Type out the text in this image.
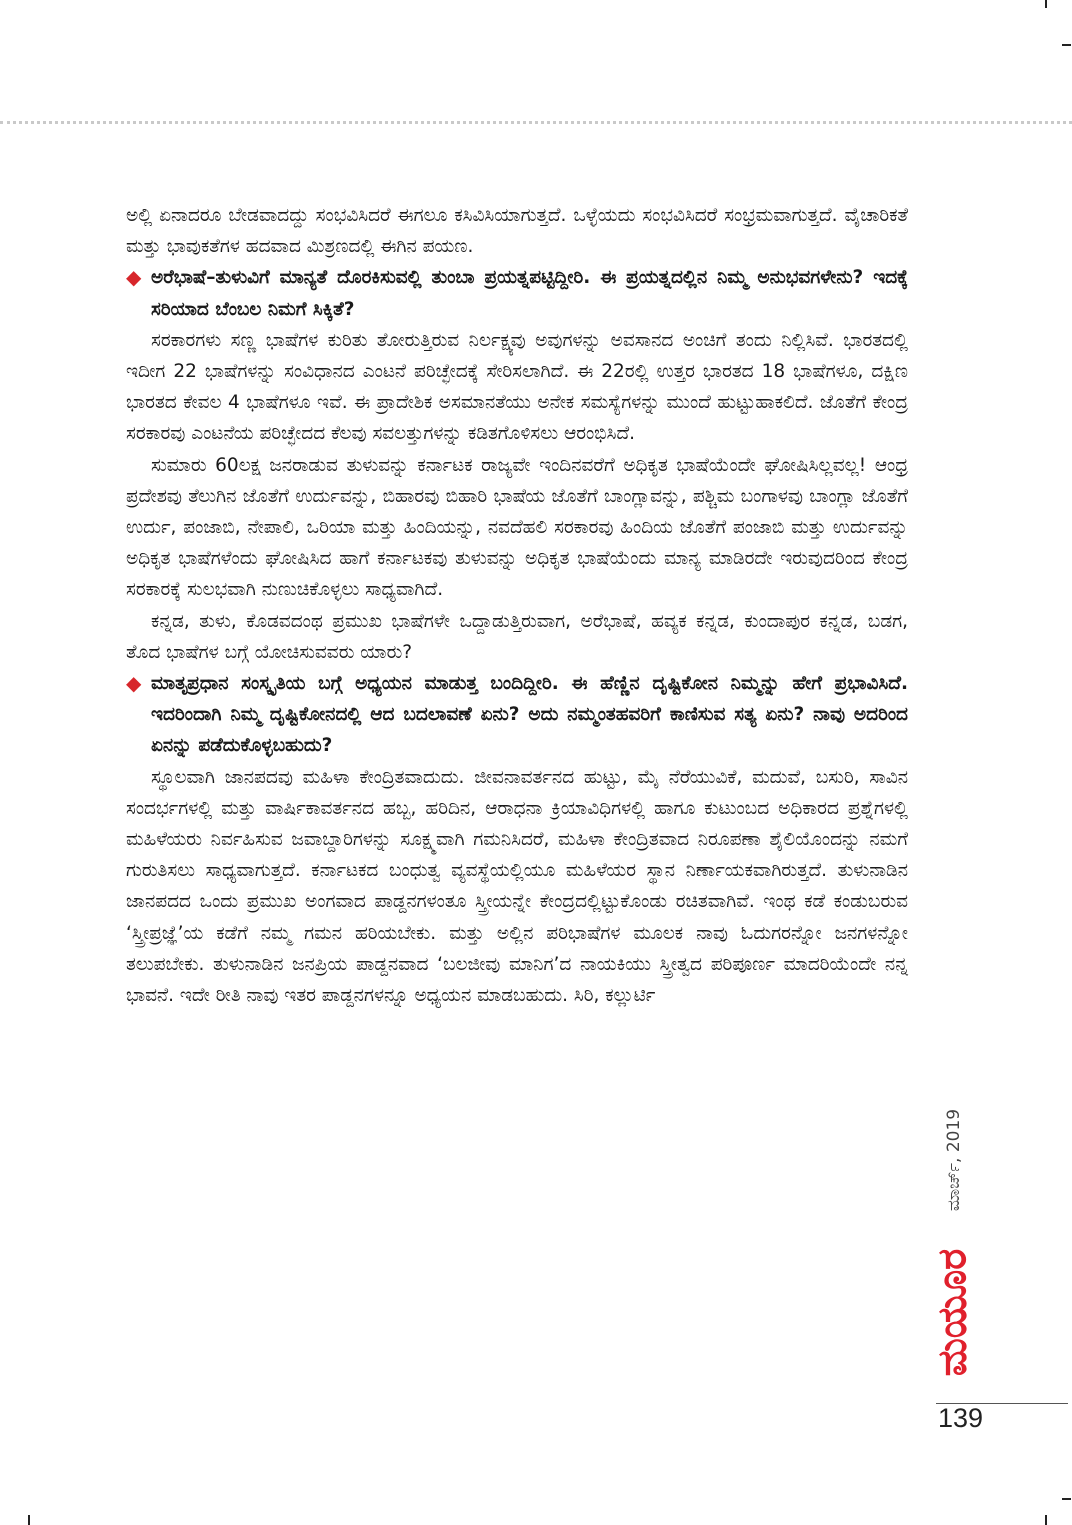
ಅಲ್ಲಿ ಏನಾದರೂ ಬೇಡವಾದದ್ದು ಸಂಭವಿಸಿದರೆ ಈಗಲೂ ಕಸಿವಿಸಿಯಾಗುತ್ತದೆ. ಒಳ್ಳೆಯದು ಸಂಭವಿಸಿದರೆ ಸಂಭ್ರಮವಾಗುತ್ತದೆ. ವೈಚಾರಿಕತೆ ಮತ್ತು ಭಾವುಕತೆಗಳ ಹದವಾದ ಮಿಶ್ರಣದಲ್ಲಿ ಈಗಿನ ಪಯಣ.

◆ ಅರೆಭಾಷೆ–ತುಳುವಿಗೆ ಮಾನ್ಯತೆ ದೊರಕಿಸುವಲ್ಲಿ ತುಂಬಾ ಪ್ರಯತ್ನಪಟ್ಟಿದ್ದೀರಿ. ಈ ಪ್ರಯತ್ನದಲ್ಲಿನ ನಿಮ್ಮ ಅನುಭವಗಳೇನು? ಇದಕ್ಕೆ ಸರಿಯಾದ ಬೆಂಬಲ ನಿಮಗೆ ಸಿಕ್ಕಿತೆ?

ಸರಕಾರಗಳು ಸಣ್ಣ ಭಾಷೆಗಳ ಕುರಿತು ತೋರುತ್ತಿರುವ ನಿರ್ಲಕ್ಷ್ಯವು ಅವುಗಳನ್ನು ಅವಸಾನದ ಅಂಚಿಗೆ ತಂದು ನಿಲ್ಲಿಸಿವೆ. ಭಾರತದಲ್ಲಿ ಇದೀಗ 22 ಭಾಷೆಗಳನ್ನು ಸಂವಿಧಾನದ ಎಂಟನೆ ಪರಿಚ್ಛೇದಕ್ಕೆ ಸೇರಿಸಲಾಗಿದೆ. ಈ 22ರಲ್ಲಿ ಉತ್ತರ ಭಾರತದ 18 ಭಾಷೆಗಳೂ, ದಕ್ಷಿಣ ಭಾರತದ ಕೇವಲ 4 ಭಾಷೆಗಳೂ ಇವೆ. ಈ ಪ್ರಾದೇಶಿಕ ಅಸಮಾನತೆಯು ಅನೇಕ ಸಮಸ್ಯೆಗಳನ್ನು ಮುಂದೆ ಹುಟ್ಟುಹಾಕಲಿದೆ. ಜೊತೆಗೆ ಕೇಂದ್ರ ಸರಕಾರವು ಎಂಟನೆಯ ಪರಿಚ್ಛೇದದ ಕೆಲವು ಸವಲತ್ತುಗಳನ್ನು ಕಡಿತಗೊಳಿಸಲು ಆರಂಭಿಸಿದೆ.

ಸುಮಾರು 60ಲಕ್ಷ ಜನರಾಡುವ ತುಳುವನ್ನು ಕರ್ನಾಟಕ ರಾಜ್ಯವೇ ಇಂದಿನವರೆಗೆ ಅಧಿಕೃತ ಭಾಷೆಯೆಂದೇ ಘೋಷಿಸಿಲ್ಲವಲ್ಲ! ಆಂಧ್ರ ಪ್ರದೇಶವು ತೆಲುಗಿನ ಜೊತೆಗೆ ಉರ್ದುವನ್ನು, ಬಿಹಾರವು ಬಿಹಾರಿ ಭಾಷೆಯ ಜೊತೆಗೆ ಬಾಂಗ್ಲಾವನ್ನು, ಪಶ್ಚಿಮ ಬಂಗಾಳವು ಬಾಂಗ್ಲಾ ಜೊತೆಗೆ ಉರ್ದು, ಪಂಜಾಬಿ, ನೇಪಾಲಿ, ಒರಿಯಾ ಮತ್ತು ಹಿಂದಿಯನ್ನು, ನವದೆಹಲಿ ಸರಕಾರವು ಹಿಂದಿಯ ಜೊತೆಗೆ ಪಂಜಾಬಿ ಮತ್ತು ಉರ್ದುವನ್ನು ಅಧಿಕೃತ ಭಾಷೆಗಳೆಂದು ಘೋಷಿಸಿದ ಹಾಗೆ ಕರ್ನಾಟಕವು ತುಳುವನ್ನು ಅಧಿಕೃತ ಭಾಷೆಯೆಂದು ಮಾನ್ಯ ಮಾಡಿರದೇ ಇರುವುದರಿಂದ ಕೇಂದ್ರ ಸರಕಾರಕ್ಕೆ ಸುಲಭವಾಗಿ ನುಣುಚಿಕೊಳ್ಳಲು ಸಾಧ್ಯವಾಗಿದೆ.

ಕನ್ನಡ, ತುಳು, ಕೊಡವದಂಥ ಪ್ರಮುಖ ಭಾಷೆಗಳೇ ಒದ್ದಾಡುತ್ತಿರುವಾಗ, ಅರೆಭಾಷೆ, ಹವ್ಯಕ ಕನ್ನಡ, ಕುಂದಾಪುರ ಕನ್ನಡ, ಬಡಗ, ತೊದ ಭಾಷೆಗಳ ಬಗ್ಗೆ ಯೋಚಿಸುವವರು ಯಾರು?

◆ ಮಾತೃಪ್ರಧಾನ ಸಂಸ್ಕೃತಿಯ ಬಗ್ಗೆ ಅಧ್ಯಯನ ಮಾಡುತ್ತ ಬಂದಿದ್ದೀರಿ. ಈ ಹೆಣ್ಣಿನ ದೃಷ್ಟಿಕೋನ ನಿಮ್ಮನ್ನು ಹೇಗೆ ಪ್ರಭಾವಿಸಿದೆ. ಇದರಿಂದಾಗಿ ನಿಮ್ಮ ದೃಷ್ಟಿಕೋನದಲ್ಲಿ ಆದ ಬದಲಾವಣೆ ಏನು? ಅದು ನಮ್ಮಂತಹವರಿಗೆ ಕಾಣಿಸುವ ಸತ್ಯ ಏನು? ನಾವು ಅದರಿಂದ ಏನನ್ನು ಪಡೆದುಕೊಳ್ಳಬಹುದು?

ಸ್ಥೂಲವಾಗಿ ಜಾನಪದವು ಮಹಿಳಾ ಕೇಂದ್ರಿತವಾದುದು. ಜೀವನಾವರ್ತನದ ಹುಟ್ಟು, ಮೈ ನೆರೆಯುವಿಕೆ, ಮದುವೆ, ಬಸುರಿ, ಸಾವಿನ ಸಂದರ್ಭಗಳಲ್ಲಿ ಮತ್ತು ವಾರ್ಷಿಕಾವರ್ತನದ ಹಬ್ಬ, ಹರಿದಿನ, ಆರಾಧನಾ ಕ್ರಿಯಾವಿಧಿಗಳಲ್ಲಿ ಹಾಗೂ ಕುಟುಂಬದ ಅಧಿಕಾರದ ಪ್ರಶ್ನೆಗಳಲ್ಲಿ ಮಹಿಳೆಯರು ನಿರ್ವಹಿಸುವ ಜವಾಬ್ದಾರಿಗಳನ್ನು ಸೂಕ್ಷ್ಮವಾಗಿ ಗಮನಿಸಿದರೆ, ಮಹಿಳಾ ಕೇಂದ್ರಿತವಾದ ನಿರೂಪಣಾ ಶೈಲಿಯೊಂದನ್ನು ನಮಗೆ ಗುರುತಿಸಲು ಸಾಧ್ಯವಾಗುತ್ತದೆ. ಕರ್ನಾಟಕದ ಬಂಧುತ್ವ ವ್ಯವಸ್ಥೆಯಲ್ಲಿಯೂ ಮಹಿಳೆಯರ ಸ್ಥಾನ ನಿರ್ಣಾಯಕವಾಗಿರುತ್ತದೆ. ತುಳುನಾಡಿನ ಜಾನಪದದ ಒಂದು ಪ್ರಮುಖ ಅಂಗವಾದ ಪಾಡ್ದನಗಳಂತೂ ಸ್ತ್ರೀಯನ್ನೇ ಕೇಂದ್ರದಲ್ಲಿಟ್ಟುಕೊಂಡು ರಚಿತವಾಗಿವೆ. ಇಂಥ ಕಡೆ ಕಂಡುಬರುವ ‘ಸ್ತ್ರೀಪ್ರಜ್ಞೆ’ಯ ಕಡೆಗೆ ನಮ್ಮ ಗಮನ ಹರಿಯಬೇಕು. ಮತ್ತು ಅಲ್ಲಿನ ಪರಿಭಾಷೆಗಳ ಮೂಲಕ ನಾವು ಓದುಗರನ್ನೋ ಜನಗಳನ್ನೋ ತಲುಪಬೇಕು. ತುಳುನಾಡಿನ ಜನಪ್ರಿಯ ಪಾಡ್ದನವಾದ ‘ಬಲಜೀವು ಮಾನಿಗ’ದ ನಾಯಕಿಯು ಸ್ತ್ರೀತ್ವದ ಪರಿಪೂರ್ಣ ಮಾದರಿಯೆಂದೇ ನನ್ನ ಭಾವನೆ. ಇದೇ ರೀತಿ ನಾವು ಇತರ ಪಾಡ್ದನಗಳನ್ನೂ ಅಧ್ಯಯನ ಮಾಡಬಹುದು. ಸಿರಿ, ಕಲ್ಲುರ್ಟಿ

ಮಾರ್ಚ್, 2019
ಮಯೂರ
139
